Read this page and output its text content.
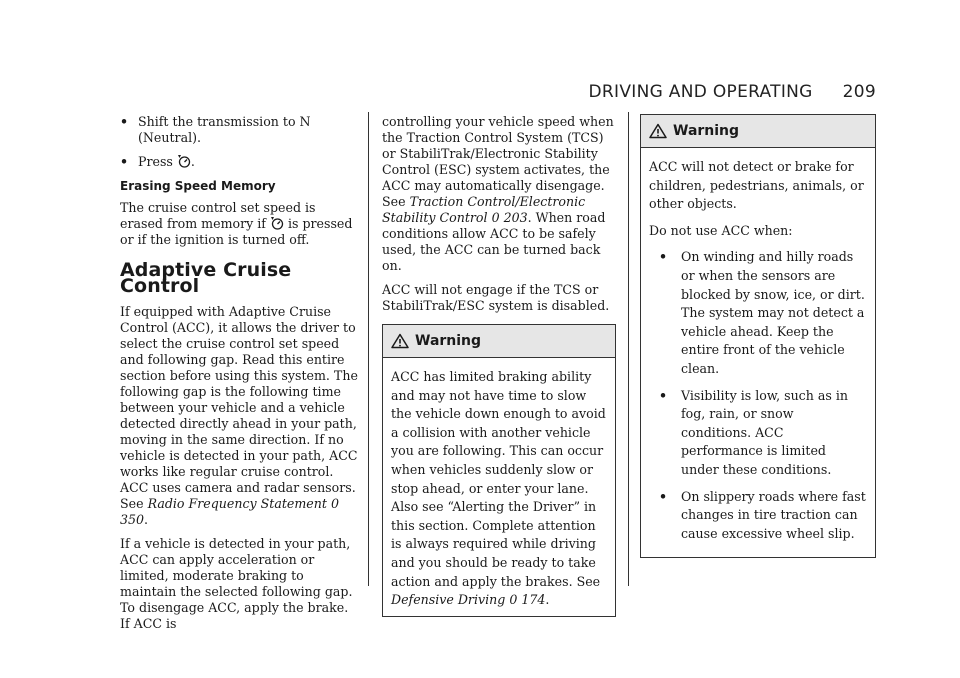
DRIVING AND OPERATING 209
• Shift the transmission to N (Neutral).
• Press .
Erasing Speed Memory

The cruise control set speed is erased from memory if is pressed or if the ignition is turned off.

Adaptive Cruise Control

If equipped with Adaptive Cruise Control (ACC), it allows the driver to select the cruise control set speed and following gap. Read this entire section before using this system. The following gap is the following time between your vehicle and a vehicle detected directly ahead in your path, moving in the same direction. If no vehicle is detected in your path, ACC works like regular cruise control. ACC uses camera and radar sensors. See Radio Frequency Statement 0 350.

If a vehicle is detected in your path, ACC can apply acceleration or limited, moderate braking to maintain the selected following gap. To disengage ACC, apply the brake. If ACC is

controlling your vehicle speed when the Traction Control System (TCS) or StabiliTrak/Electronic Stability Control (ESC) system activates, the ACC may automatically disengage. See Traction Control/Electronic Stability Control 0 203. When road conditions allow ACC to be safely used, the ACC can be turned back on.

ACC will not engage if the TCS or StabiliTrak/ESC system is disabled.

Warning
ACC has limited braking ability and may not have time to slow the vehicle down enough to avoid a collision with another vehicle you are following. This can occur when vehicles suddenly slow or stop ahead, or enter your lane. Also see “Alerting the Driver” in this section. Complete attention is always required while driving and you should be ready to take action and apply the brakes. See Defensive Driving 0 174.
Warning

ACC will not detect or brake for children, pedestrians, animals, or other objects.

Do not use ACC when:

•	On winding and hilly roads or when the sensors are blocked by snow, ice, or dirt. The system may not detect a vehicle ahead. Keep the entire front of the vehicle clean.
•	Visibility is low, such as in fog, rain, or snow conditions. ACC performance is limited under these conditions.
•	On slippery roads where fast changes in tire traction can cause excessive wheel slip.
